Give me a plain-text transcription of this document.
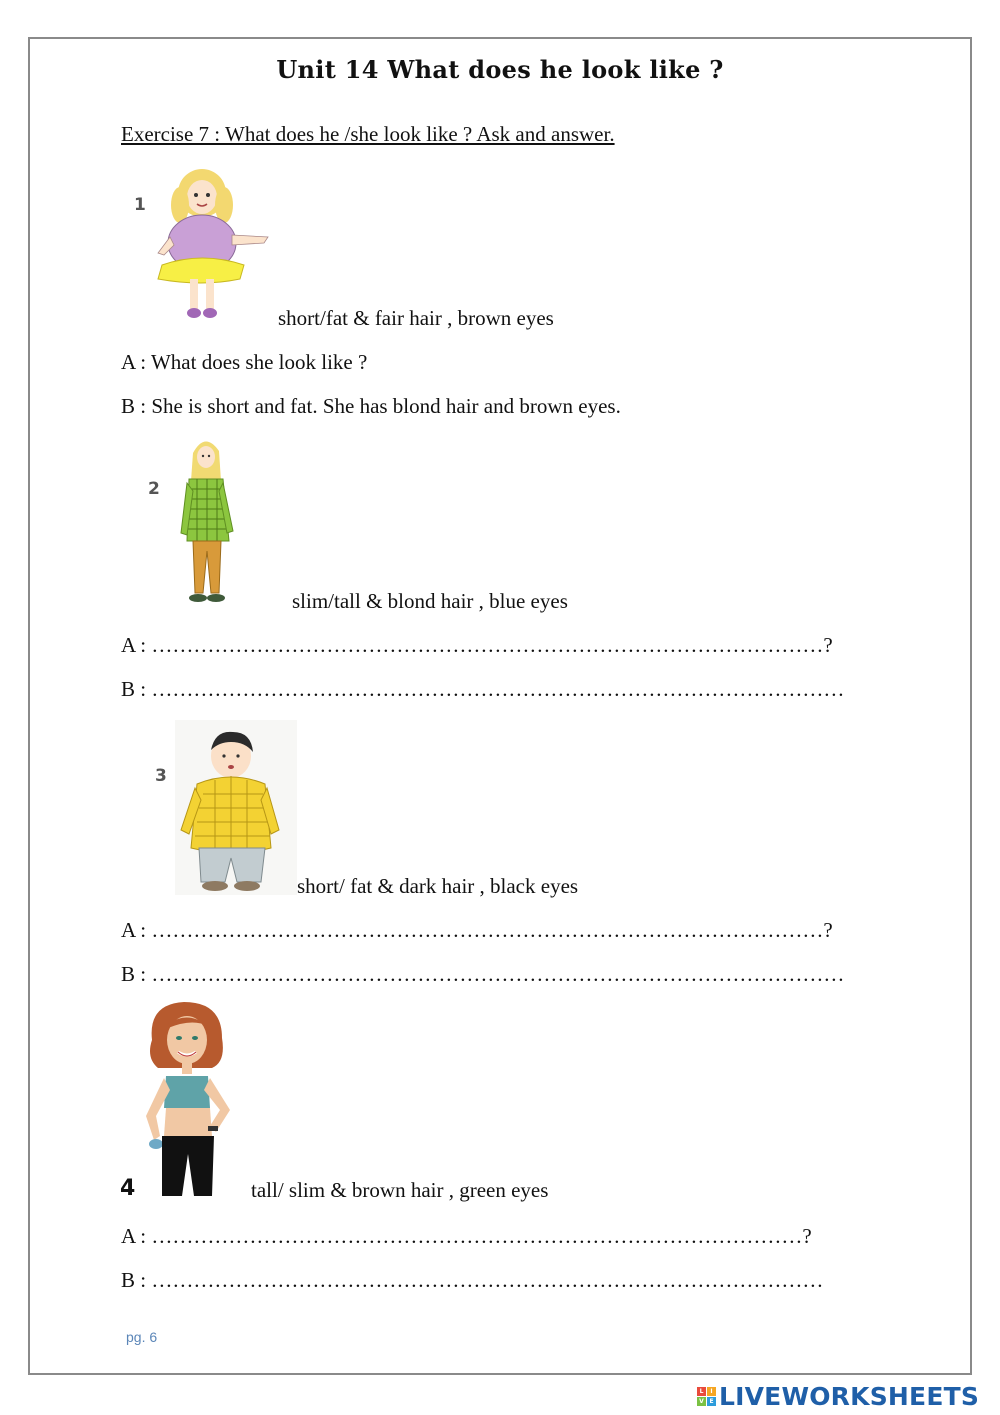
Unit 14 What does he look like ?
Exercise 7 : What does he /she look like ? Ask and answer.
1
short/fat & fair hair , brown eyes
A : What does she look like ?
B : She is short and fat. She has blond hair and brown eyes.
2
slim/tall & blond hair , blue eyes
A : ……………………………………………………………………………………?
B : ………………………………………………………………………………………
3
short/ fat & dark hair , black eyes
A : ……………………………………………………………………………………?
B : ………………………………………………………………………………………
4	tall/ slim & brown hair , green eyes
A : …………………………………………………………………………………?
B : ……………………………………………………………………………………
pg. 6
L	I
V E LIVEWORKSHEETS
